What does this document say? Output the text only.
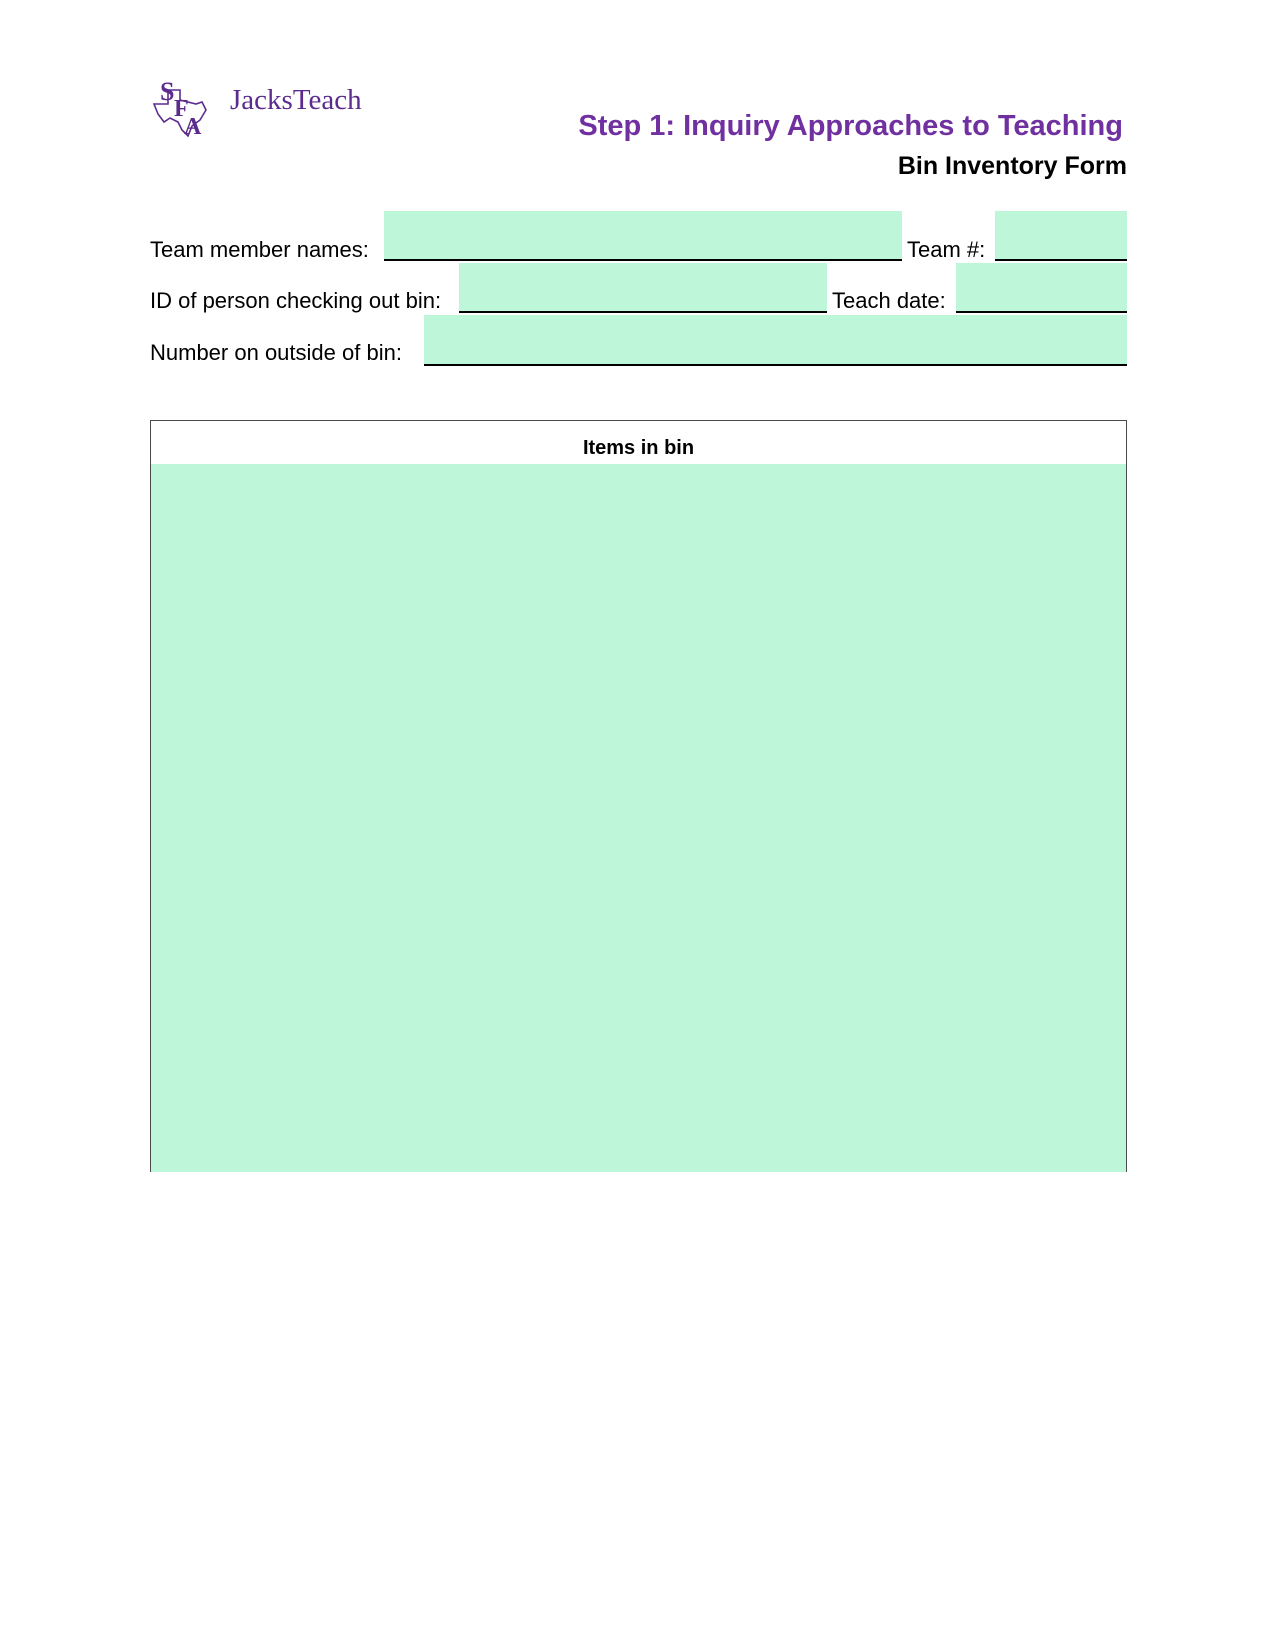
S
F
A
JacksTeach
Step 1: Inquiry Approaches to Teaching
Bin Inventory Form
Team member names:	Team #:
ID of person checking out bin:	Teach date:
Number on outside of bin:
Items in bin
